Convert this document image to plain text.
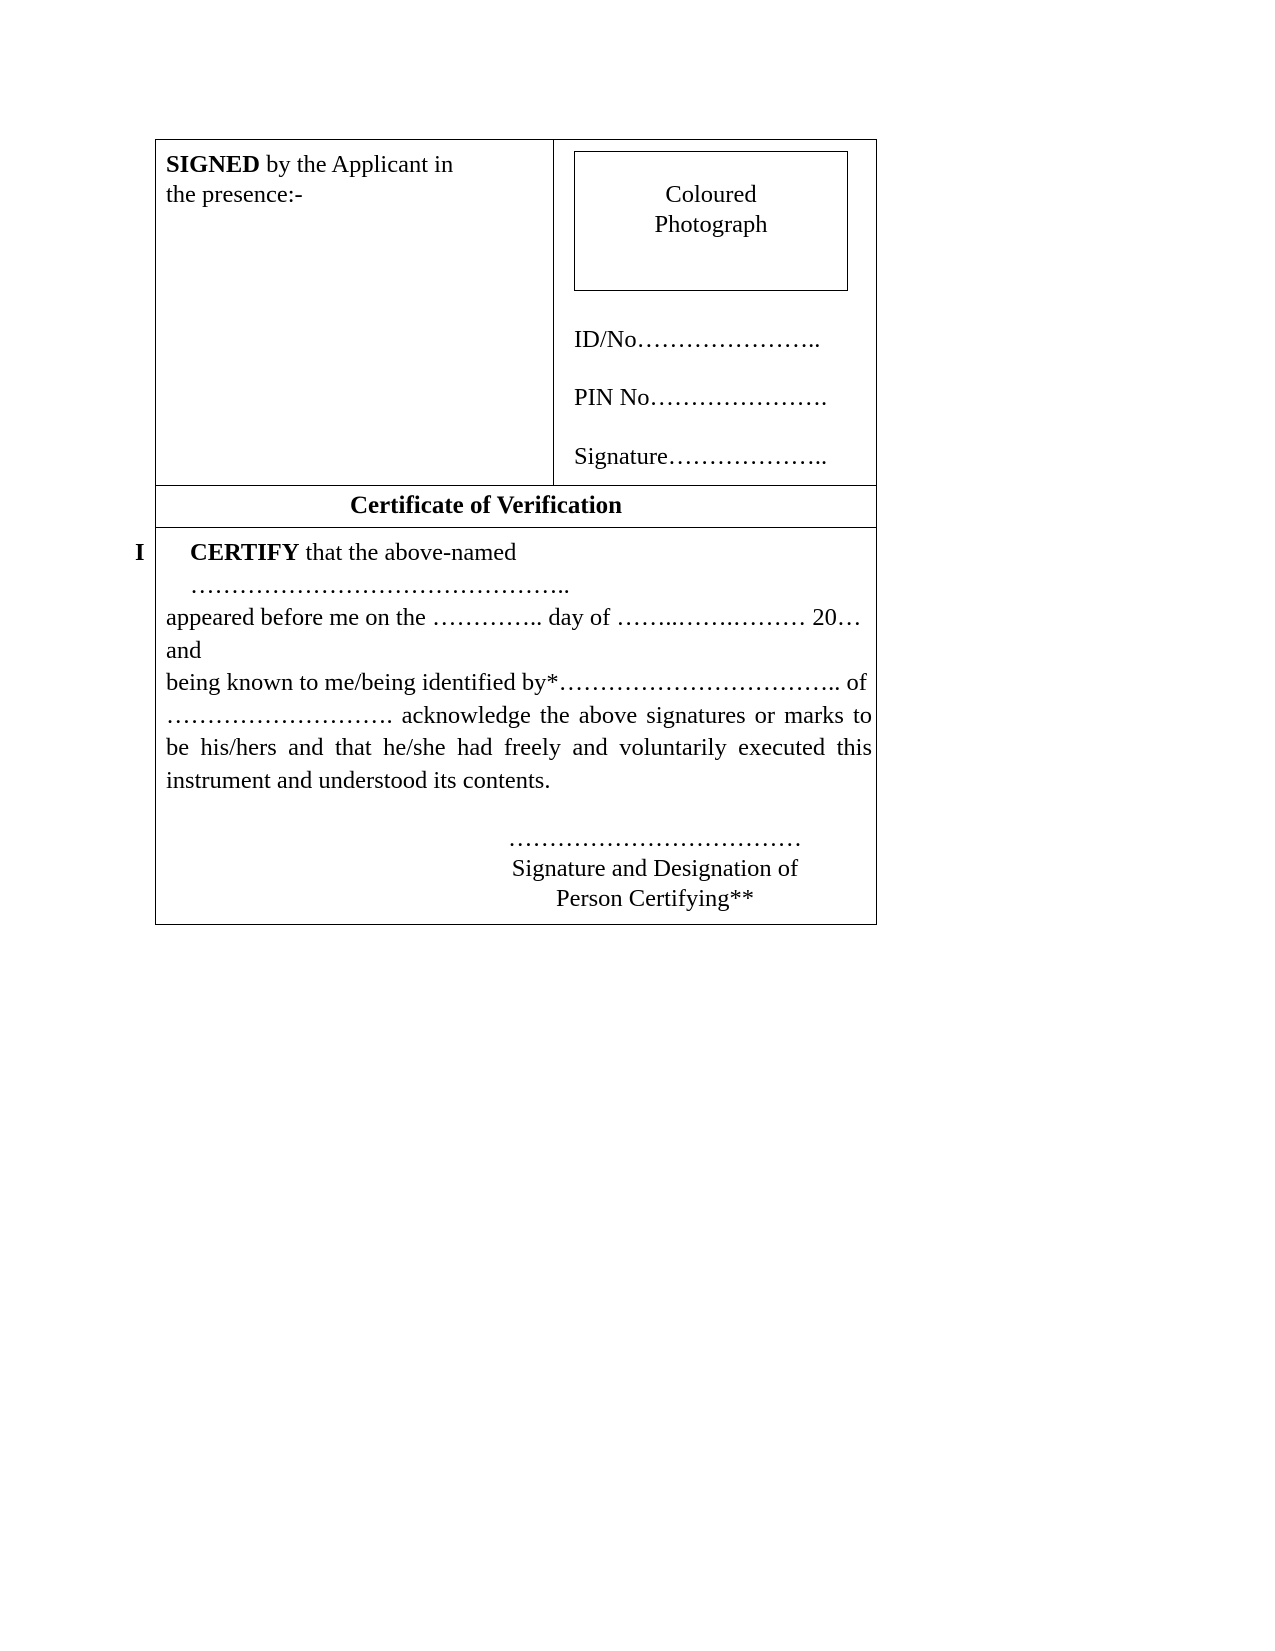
SIGNED by the Applicant in
the presence:-	Coloured
Photograph
ID/No…………………..
PIN No………………….
Signature………………..
Certificate of Verification
I	CERTIFY that the above-named ………………………………………..

appeared before me on the ………….. day of ……..…….……… 20… and

being known to me/being identified by*…………………………….. of

………………………. acknowledge the above signatures or marks to

be his/hers and that he/she had freely and voluntarily executed this

instrument and understood its contents.

………………………………
Signature and Designation of
Person Certifying**
